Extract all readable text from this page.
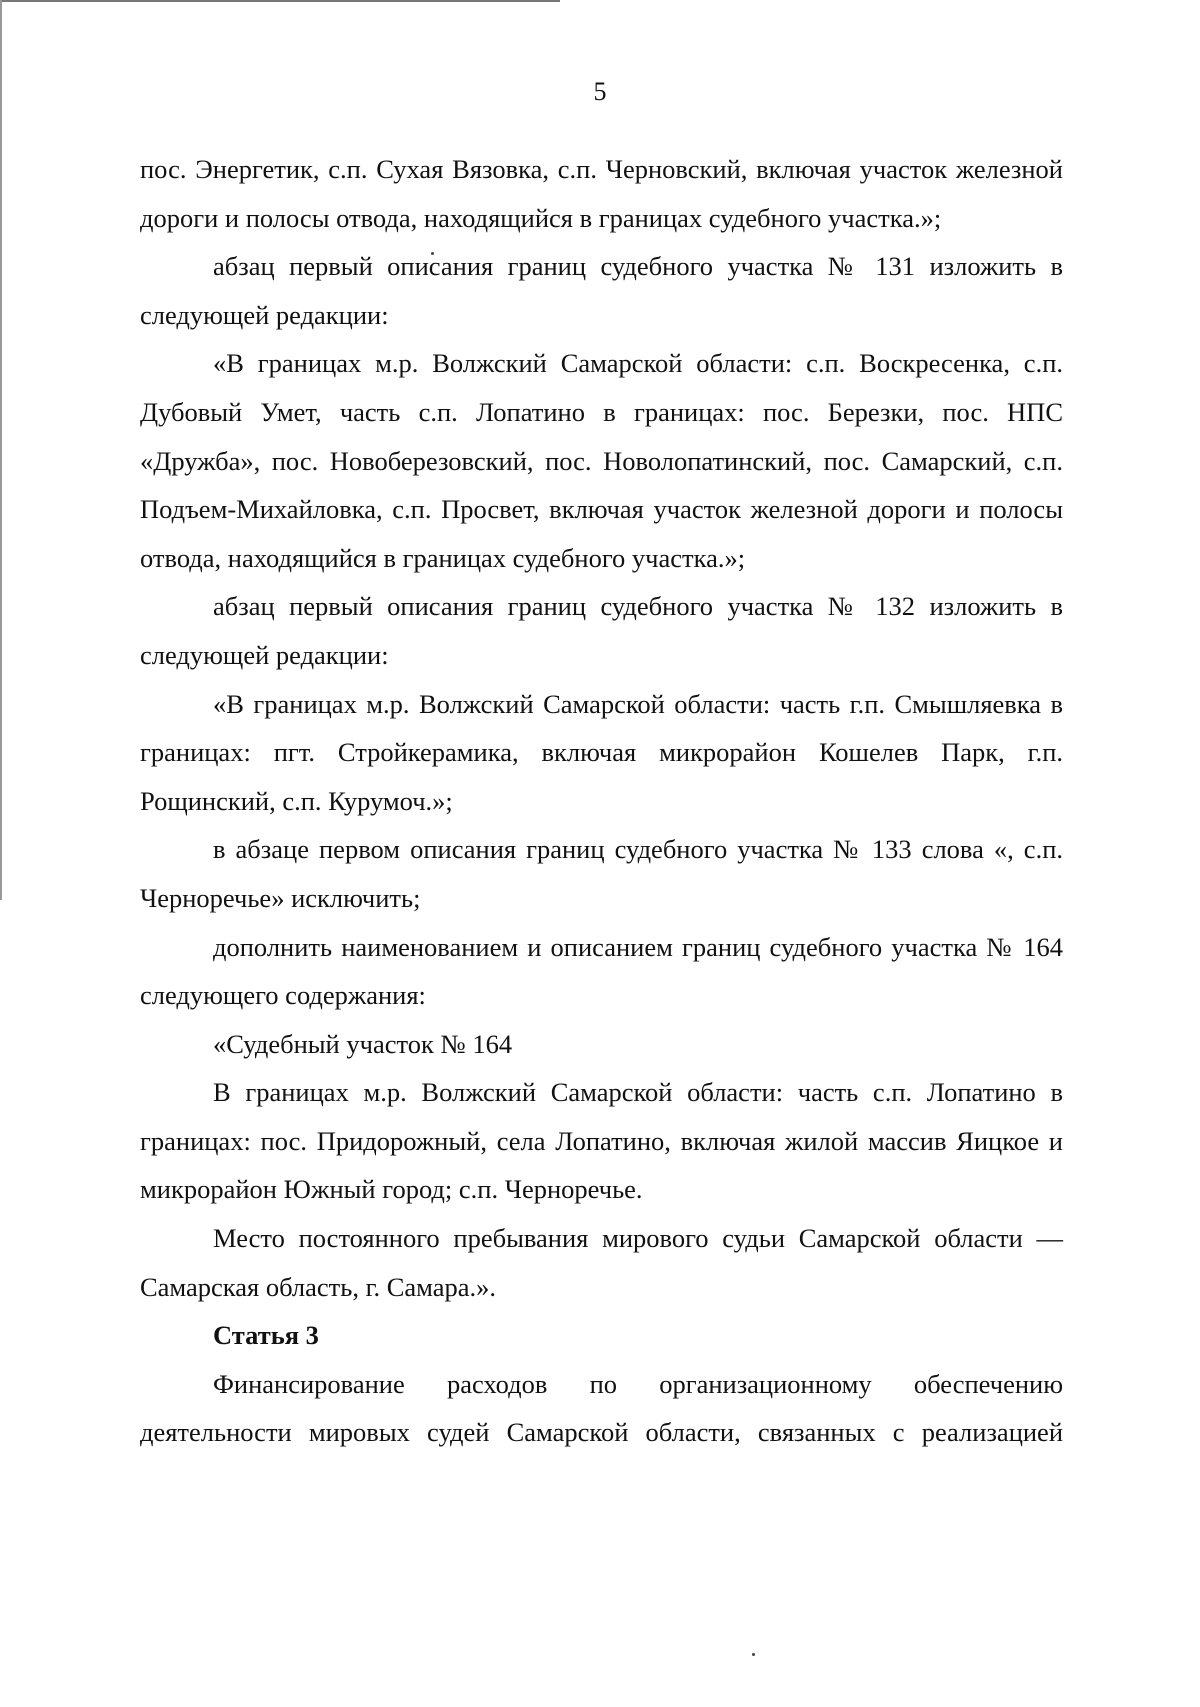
5

пос. Энергетик, с.п. Сухая Вязовка, с.п. Черновский, включая участок железной дороги и полосы отвода, находящийся в границах судебного участка.»;

абзац первый описания границ судебного участка № 131 изложить в следующей редакции:

«В границах м.р. Волжский Самарской области: с.п. Воскресенка, с.п. Дубовый Умет, часть с.п. Лопатино в границах: пос. Березки, пос. НПС «Дружба», пос. Новоберезовский, пос. Новолопатинский, пос. Самарский, с.п. Подъем-Михайловка, с.п. Просвет, включая участок железной дороги и полосы отвода, находящийся в границах судебного участка.»;

абзац первый описания границ судебного участка № 132 изложить в следующей редакции:

«В границах м.р. Волжский Самарской области: часть г.п. Смышляевка в границах: пгт. Стройкерамика, включая микрорайон Кошелев Парк, г.п. Рощинский, с.п. Курумоч.»;

в абзаце первом описания границ судебного участка № 133 слова «, с.п. Черноречье» исключить;

дополнить наименованием и описанием границ судебного участка № 164 следующего содержания:

«Судебный участок № 164

В границах м.р. Волжский Самарской области: часть с.п. Лопатино в границах: пос. Придорожный, села Лопатино, включая жилой массив Яицкое и микрорайон Южный город; с.п. Черноречье.

Место постоянного пребывания мирового судьи Самарской области — Самарская область, г. Самара.».

Статья 3

Финансирование расходов по организационному обеспечению деятельности мировых судей Самарской области, связанных с реализацией
